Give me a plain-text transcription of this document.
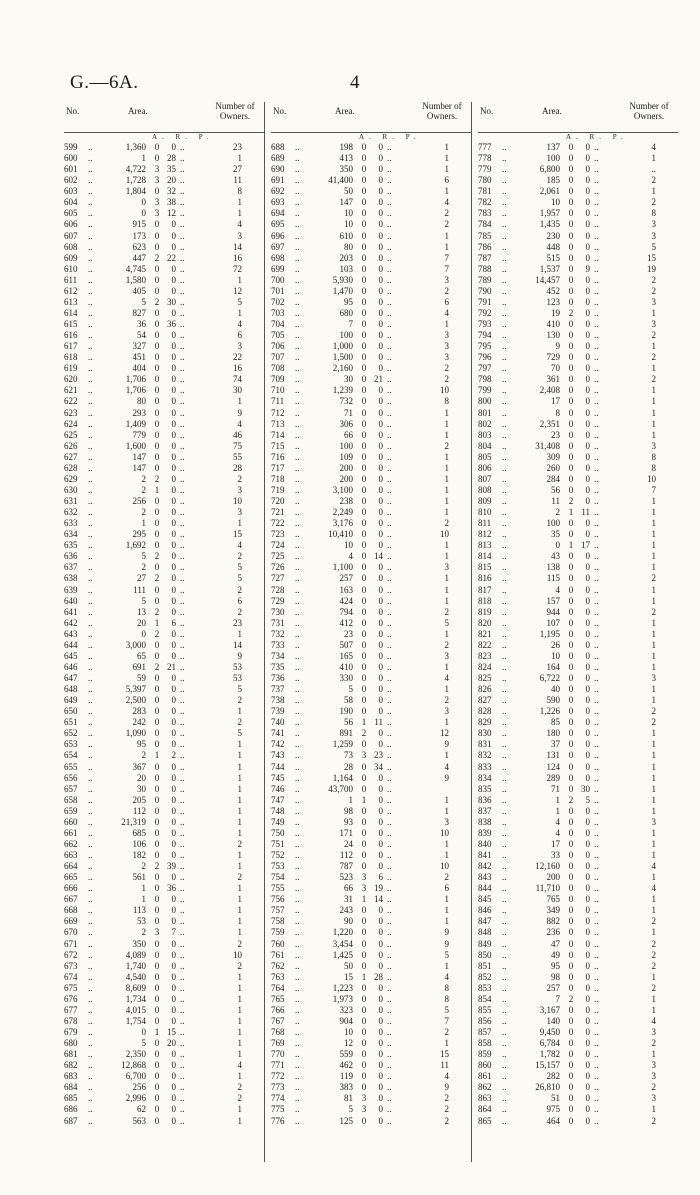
G.—6A.	4
No.	Area.	Number of Owners.
A. R. P.
599 ..	1,360 0	0 ..	23
600 ..	1 0 28 ..	1
601 ..	4,722 3 35 ..	27
602 ..	1,728 3 20 ..	11
603 ..	1,804 0 32 ..	8
604 ..	0 3 38 ..	1
605 ..	0 3 12 ..	1
606 ..	915 0	0 ..	4
607 ..	173 0	0 ..	3
608 ..	623 0	0 ..	14
609 ..	447 2 22 ..	16
610 ..	4,745 0	0 ..	72
611 ..	1,580 0	0 ..	1
612 ..	405 0	0 ..	12
613 ..	5 2 30 ..	5
614 ..	827 0	0 ..	1
615 ..	36 0 36 ..	4
616 ..	54 0	0 ..	6
617 ..	327 0	0 ..	3
618 ..	451 0	0 ..	22
619 ..	404 0	0 ..	16
620 ..	1,706 0	0 ..	74
621 ..	1,706 0	0 ..	30
622 ..	80 0	0 ..	1
623 ..	293 0	0 ..	9
624 ..	1,409 0	0 ..	4
625 ..	779 0	0 ..	46
626 ..	1,600 0	0 ..	75
627 ..	147 0	0 ..	55
628 ..	147 0	0 ..	28
629 ..	2 2	0 ..	2
630 ..	2 1	0 ..	3
631 ..	256 0	0 ..	10
632 ..	2 0	0 ..	3
633 ..	1 0	0 ..	1
634 ..	295 0	0 ..	15
635 ..	1,692 0	0 ..	4
636 ..	5 2	0 ..	2
637 ..	2 0	0 ..	5
638 ..	27 2	0 ..	5
639 ..	111 0	0 ..	2
640 ..	5 0	0 ..	6
641 ..	13 2	0 ..	2
642 ..	20 1	6 ..	23
643 ..	0 2	0 ..	1
644 ..	3,000 0	0 ..	14
645 ..	65 0	0 ..	9
646 ..	691 2 21 ..	53
647 ..	59 0	0 ..	53
648 ..	5,397 0	0 ..	5
649 ..	2,500 0	0 ..	2
650 ..	283 0	0 ..	1
651 ..	242 0	0 ..	2
652 ..	1,090 0	0 ..	5
653 ..	95 0	0 ..	1
654 ..	2 1	2 ..	1
655 ..	367 0	0 ..	1
656 ..	20 0	0 ..	1
657 ..	30 0	0 ..	1
658 ..	205 0	0 ..	1
659 ..	112 0	0 ..	1
660 ..	21,319 0	0 ..	1
661 ..	685 0	0 ..	1
662 ..	106 0	0 ..	2
663 ..	182 0	0 ..	1
664 ..	2 2 39 ..	1
665 ..	561 0	0 ..	2
666 ..	1 0 36 ..	1
667 ..	1 0	0 ..	1
668 ..	113 0	0 ..	1
669 ..	53 0	0 ..	1
670 ..	2 3	7 ..	1
671 ..	350 0	0 ..	2
672 ..	4,089 0	0 ..	10
673 ..	1,740 0	0 ..	2
674 ..	4,540 0	0 ..	1
675 ..	8,609 0	0 ..	1
676 ..	1,734 0	0 ..	1
677 ..	4,015 0	0 ..	1
678 ..	1,754 0	0 ..	1
679 ..	0 1 15 ..	1
680 ..	5 0 20 ..	1
681 ..	2,350 0	0 ..	1
682 ..	12,868 0	0 ..	4
683 ..	6,700 0	0 ..	1
684 ..	256 0	0 ..	2
685 ..	2,996 0	0 ..	2
686 ..	62 0	0 ..	1
687 ..	563 0	0 ..	1
No.	Area.	Number of Owners.
A. R. P.
688 ..	198 0	0 ..	1
689 ..	413 0	0 ..	1
690 ..	350 0	0 ..	1
691 ..	41,400 0	0 ..	6
692 ..	50 0	0 ..	1
693 ..	147 0	0 ..	4
694 ..	10 0	0 ..	2
695 ..	10 0	0 ..	2
696 ..	610 0	0 ..	1
697 ..	80 0	0 ..	1
698 ..	203 0	0 ..	7
699 ..	103 0	0 ..	7
700 ..	5,930 0	0 ..	3
701 ..	1,470 0	0 ..	2
702 ..	95 0	0 ..	6
703 ..	680 0	0 ..	4
704 ..	7 0	0 ..	1
705 ..	100 0	0 ..	3
706 ..	1,000 0	0 ..	3
707 ..	1,500 0	0 ..	3
708 ..	2,160 0	0 ..	2
709 ..	30 0 21 ..	2
710 ..	1,239 0	0 ..	10
711 ..	732 0	0 ..	8
712 ..	71 0	0 ..	1
713 ..	306 0	0 ..	1
714 ..	66 0	0 ..	1
715 ..	100 0	0 ..	2
716 ..	109 0	0 ..	1
717 ..	200 0	0 ..	1
718 ..	200 0	0 ..	1
719 ..	3,100 0	0 ..	1
720 ..	238 0	0 ..	1
721 ..	2,249 0	0 ..	1
722 ..	3,176 0	0 ..	2
723 ..	10,410 0	0 ..	10
724 ..	10 0	0 ..	1
725 ..	4 0 14 ..	1
726 ..	1,100 0	0 ..	3
727 ..	257 0	0 ..	1
728 ..	163 0	0 ..	1
729 ..	424 0	0 ..	1
730 ..	794 0	0 ..	2
731 ..	412 0	0 ..	5
732 ..	23 0	0 ..	1
733 ..	507 0	0 ..	2
734 ..	165 0	0 ..	3
735 ..	410 0	0 ..	1
736 ..	330 0	0 ..	4
737 ..	5 0	0 ..	1
738 ..	58 0	0 ..	2
739 ..	190 0	0 ..	3
740 ..	56 1 11 ..	1
741 ..	891 2	0 ..	12
742 ..	1,259 0	0 ..	9
743 ..	73 3 23 ..	1
744 ..	28 0 34 ..	4
745 ..	1,164 0	0 ..	9
746 ..	43,700 0	0 ..
747 ..	1 1	0 ..	1
748 ..	98 0	0 ..	1
749 ..	93 0	0 ..	3
750 ..	171 0	0 ..	10
751 ..	24 0	0 ..	1
752 ..	112 0	0 ..	1
753 ..	787 0	0 ..	10
754 ..	523 3	6 ..	2
755 ..	66 3 19 ..	6
756 ..	31 1 14 ..	1
757 ..	243 0	0 ..	1
758 ..	90 0	0 ..	1
759 ..	1,220 0	0 ..	9
760 ..	3,454 0	0 ..	9
761 ..	1,425 0	0 ..	5
762 ..	50 0	0 ..	1
763 ..	15 1 28 ..	4
764 ..	1,223 0	0 ..	8
765 ..	1,973 0	0 ..	8
766 ..	323 0	0 ..	5
767 ..	904 0	0 ..	7
768 ..	10 0	0 ..	2
769 ..	12 0	0 ..	1
770 ..	559 0	0 ..	15
771 ..	462 0	0 ..	11
772 ..	119 0	0 ..	4
773 ..	383 0	0 ..	9
774 ..	81 3	0 ..	2
775 ..	5 3	0 ..	2
776 ..	125 0	0 ..	2
No.	Area.	Number of Owners.
A. R. P.
777 ..	137 0	0 ..	4
778 ..	100 0	0 ..	1
779 ..	6,800 0	0 ..	..
780 ..	185 0	0 ..	2
781 ..	2,061 0	0 ..	1
782 ..	10 0	0 ..	2
783 ..	1,957 0	0 ..	8
784 ..	1,435 0	0 ..	3
785 ..	230 0	0 ..	3
786 ..	448 0	0 ..	5
787 ..	515 0	0 ..	15
788 ..	1,537 0	9 ..	19
789 ..	14,457 0	0 ..	2
790 ..	452 0	0 ..	2
791 ..	123 0	0 ..	3
792 ..	19 2	0 ..	1
793 ..	410 0	0 ..	3
794 ..	130 0	0 ..	2
795 ..	9 0	0 ..	1
796 ..	729 0	0 ..	2
797 ..	70 0	0 ..	1
798 ..	361 0	0 ..	2
799 ..	2,408 0	0 ..	1
800 ..	17 0	0 ..	1
801 ..	8 0	0 ..	1
802 ..	2,351 0	0 ..	1
803 ..	23 0	0 ..	1
804 ..	31,408 0	0 ..	3
805 ..	309 0	0 ..	8
806 ..	260 0	0 ..	8
807 ..	284 0	0 ..	10
808 ..	56 0	0 ..	7
809 ..	11 2	0 ..	1
810 ..	2 1 11 ..	1
811 ..	100 0	0 ..	1
812 ..	35 0	0 ..	1
813 ..	0 1 17 ..	1
814 ..	43 0	0 ..	1
815 ..	138 0	0 ..	1
816 ..	115 0	0 ..	2
817 ..	4 0	0 ..	1
818 ..	157 0	0 ..	1
819 ..	944 0	0 ..	2
820 ..	107 0	0 ..	1
821 ..	1,195 0	0 ..	1
822 ..	26 0	0 ..	1
823 ..	10 0	0 ..	1
824 ..	164 0	0 ..	1
825 ..	6,722 0	0 ..	3
826 ..	40 0	0 ..	1
827 ..	590 0	0 ..	1
828 ..	1,226 0	0 ..	2
829 ..	85 0	0 ..	2
830 ..	180 0	0 ..	1
831 ..	37 0	0 ..	1
832 ..	131 0	0 ..	1
833 ..	124 0	0 ..	1
834 ..	289 0	0 ..	1
835 ..	71 0 30 ..	1
836 ..	1 2	5 ..	1
837 ..	1 0	0 ..	1
838 ..	4 0	0 ..	3
839 ..	4 0	0 ..	1
840 ..	17 0	0 ..	1
841 ..	33 0	0 ..	1
842 ..	12,160 0	0 ..	4
843 ..	200 0	0 ..	1
844 ..	11,710 0	0 ..	4
845 ..	765 0	0 ..	1
846 ..	349 0	0 ..	1
847 ..	882 0	0 ..	2
848 ..	236 0	0 ..	1
849 ..	47 0	0 ..	2
850 ..	49 0	0 ..	2
851 ..	95 0	0 ..	2
852 ..	98 0	0 ..	1
853 ..	257 0	0 ..	2
854 ..	7 2	0 ..	1
855 ..	3,167 0	0 ..	1
856 ..	140 0	0 ..	4
857 ..	9,450 0	0 ..	3
858 ..	6,784 0	0 ..	2
859 ..	1,782 0	0 ..	1
860 ..	15,157 0	0 ..	3
861 ..	282 0	0 ..	3
862 ..	26,810 0	0 ..	2
863 ..	51 0	0 ..	3
864 ..	975 0	0 ..	1
865 ..	464 0	0 ..	2
